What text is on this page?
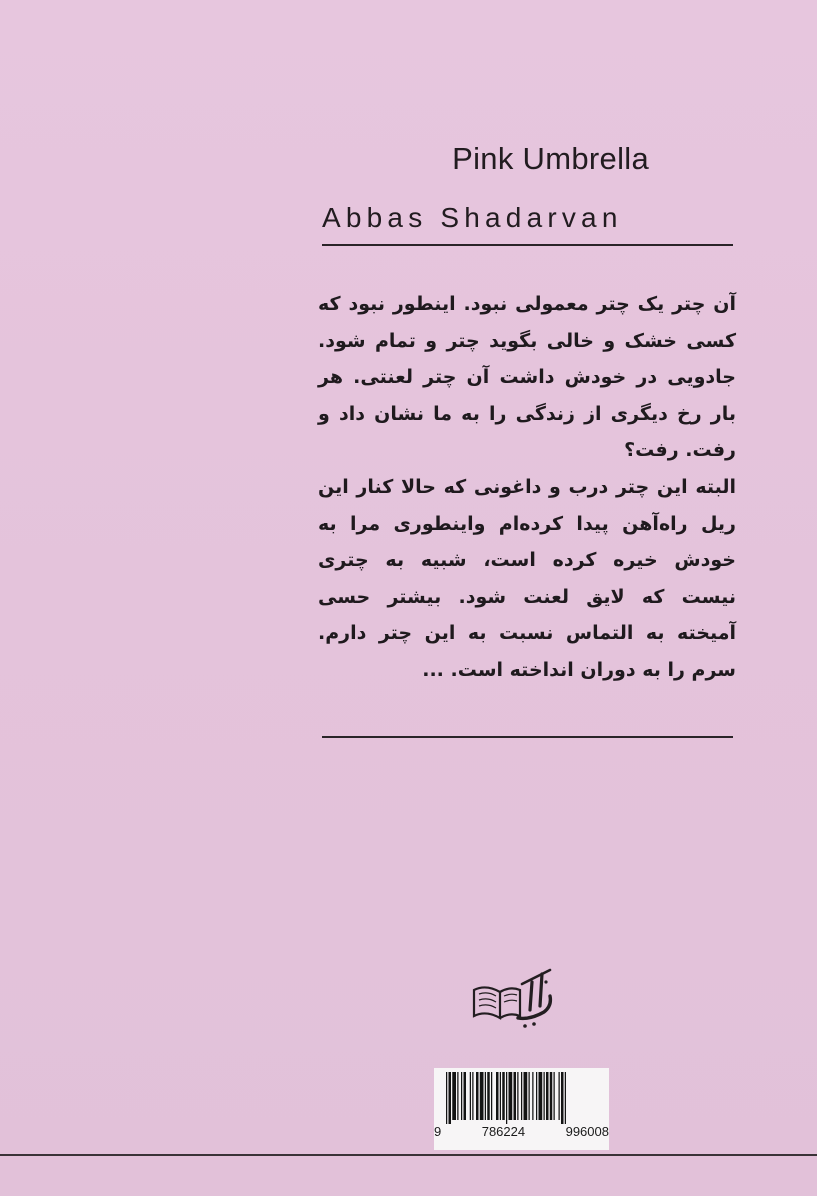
Pink Umbrella
Abbas Shadarvan

آن چتر یک چتر معمولی نبود. اینطور نبود که کسی خشک و خالی بگوید چتر و تمام شود. جادویی در خودش داشت آن چتر لعنتی. هر بار رخ دیگری از زندگی را به ما نشان داد و رفت. رفت؟

البته این چتر درب و داغونی که حالا کنار این ریل راه‌آهن پیدا کرده‌ام واینطوری مرا به خودش خیره کرده است، شبیه به چتری نیست که لایق لعنت شود. بیشتر حسی آمیخته به التماس نسبت به این چتر دارم. سرم را به دوران انداخته است. ...

9	786224	996008
